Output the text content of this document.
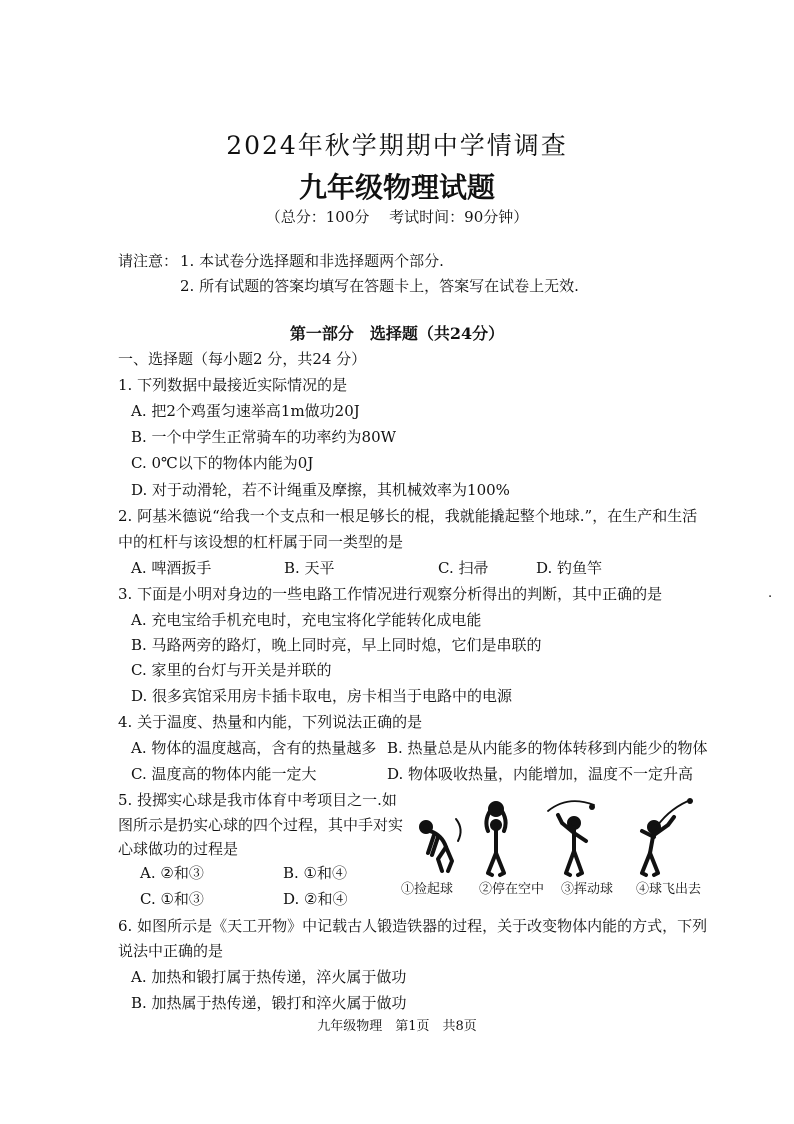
2024年秋学期期中学情调查
九年级物理试题
（总分：100分　 考试时间：90分钟）
请注意： 1. 本试卷分选择题和非选择题两个部分.
2. 所有试题的答案均填写在答题卡上，答案写在试卷上无效.
第一部分　选择题（共24分）
一、选择题（每小题2 分，共24 分）
1. 下列数据中最接近实际情况的是
A. 把2个鸡蛋匀速举高1m做功20J
B. 一个中学生正常骑车的功率约为80W
C. 0℃以下的物体内能为0J
D. 对于动滑轮，若不计绳重及摩擦，其机械效率为100%
2. 阿基米德说“给我一个支点和一根足够长的棍，我就能撬起整个地球.”，在生产和生活
中的杠杆与该设想的杠杆属于同一类型的是
A. 啤酒扳手	B. 天平	C. 扫帚	D. 钓鱼竿
3. 下面是小明对身边的一些电路工作情况进行观察分析得出的判断，其中正确的是	.
A. 充电宝给手机充电时，充电宝将化学能转化成电能
B. 马路两旁的路灯，晚上同时亮，早上同时熄，它们是串联的
C. 家里的台灯与开关是并联的
D. 很多宾馆采用房卡插卡取电，房卡相当于电路中的电源
4. 关于温度、热量和内能，下列说法正确的是
A. 物体的温度越高，含有的热量越多 B. 热量总是从内能多的物体转移到内能少的物体
C. 温度高的物体内能一定大	D. 物体吸收热量，内能增加，温度不一定升高
5. 投掷实心球是我市体育中考项目之一.如
图所示是扔实心球的四个过程，其中手对实
心球做功的过程是
A. ②和③	B. ①和④
C. ①和③	D. ②和④
①捡起球 ②停在空中 ③挥动球 ④球飞出去
6. 如图所示是《天工开物》中记载古人锻造铁器的过程，关于改变物体内能的方式，下列
说法中正确的是
A. 加热和锻打属于热传递，淬火属于做功
B. 加热属于热传递，锻打和淬火属于做功
九年级物理　第1页　共8页
